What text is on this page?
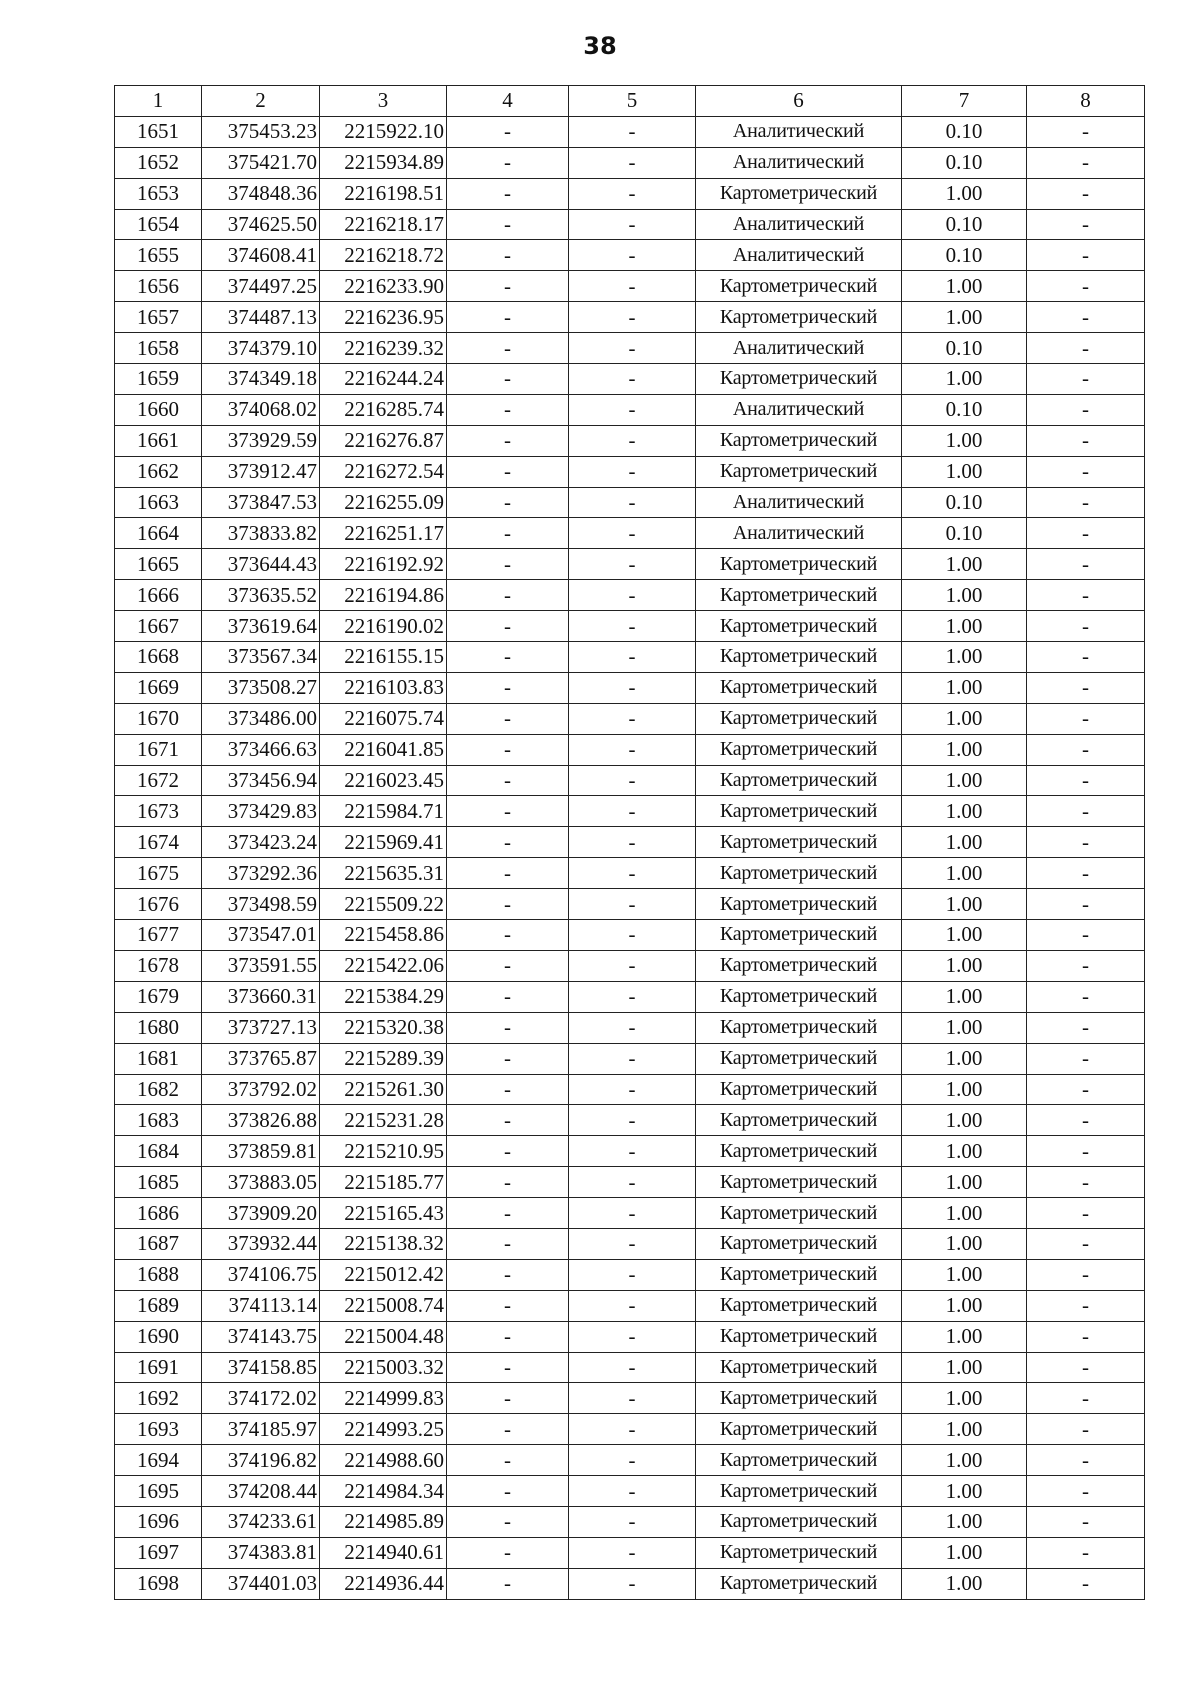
38
1	2	3	4	5	6	7	8
1651	375453.23	2215922.10	-	-	Аналитический	0.10	-
1652	375421.70	2215934.89	-	-	Аналитический	0.10	-
1653	374848.36	2216198.51	-	-	Картометрический	1.00	-
1654	374625.50	2216218.17	-	-	Аналитический	0.10	-
1655	374608.41	2216218.72	-	-	Аналитический	0.10	-
1656	374497.25	2216233.90	-	-	Картометрический	1.00	-
1657	374487.13	2216236.95	-	-	Картометрический	1.00	-
1658	374379.10	2216239.32	-	-	Аналитический	0.10	-
1659	374349.18	2216244.24	-	-	Картометрический	1.00	-
1660	374068.02	2216285.74	-	-	Аналитический	0.10	-
1661	373929.59	2216276.87	-	-	Картометрический	1.00	-
1662	373912.47	2216272.54	-	-	Картометрический	1.00	-
1663	373847.53	2216255.09	-	-	Аналитический	0.10	-
1664	373833.82	2216251.17	-	-	Аналитический	0.10	-
1665	373644.43	2216192.92	-	-	Картометрический	1.00	-
1666	373635.52	2216194.86	-	-	Картометрический	1.00	-
1667	373619.64	2216190.02	-	-	Картометрический	1.00	-
1668	373567.34	2216155.15	-	-	Картометрический	1.00	-
1669	373508.27	2216103.83	-	-	Картометрический	1.00	-
1670	373486.00	2216075.74	-	-	Картометрический	1.00	-
1671	373466.63	2216041.85	-	-	Картометрический	1.00	-
1672	373456.94	2216023.45	-	-	Картометрический	1.00	-
1673	373429.83	2215984.71	-	-	Картометрический	1.00	-
1674	373423.24	2215969.41	-	-	Картометрический	1.00	-
1675	373292.36	2215635.31	-	-	Картометрический	1.00	-
1676	373498.59	2215509.22	-	-	Картометрический	1.00	-
1677	373547.01	2215458.86	-	-	Картометрический	1.00	-
1678	373591.55	2215422.06	-	-	Картометрический	1.00	-
1679	373660.31	2215384.29	-	-	Картометрический	1.00	-
1680	373727.13	2215320.38	-	-	Картометрический	1.00	-
1681	373765.87	2215289.39	-	-	Картометрический	1.00	-
1682	373792.02	2215261.30	-	-	Картометрический	1.00	-
1683	373826.88	2215231.28	-	-	Картометрический	1.00	-
1684	373859.81	2215210.95	-	-	Картометрический	1.00	-
1685	373883.05	2215185.77	-	-	Картометрический	1.00	-
1686	373909.20	2215165.43	-	-	Картометрический	1.00	-
1687	373932.44	2215138.32	-	-	Картометрический	1.00	-
1688	374106.75	2215012.42	-	-	Картометрический	1.00	-
1689	374113.14	2215008.74	-	-	Картометрический	1.00	-
1690	374143.75	2215004.48	-	-	Картометрический	1.00	-
1691	374158.85	2215003.32	-	-	Картометрический	1.00	-
1692	374172.02	2214999.83	-	-	Картометрический	1.00	-
1693	374185.97	2214993.25	-	-	Картометрический	1.00	-
1694	374196.82	2214988.60	-	-	Картометрический	1.00	-
1695	374208.44	2214984.34	-	-	Картометрический	1.00	-
1696	374233.61	2214985.89	-	-	Картометрический	1.00	-
1697	374383.81	2214940.61	-	-	Картометрический	1.00	-
1698	374401.03	2214936.44	-	-	Картометрический	1.00	-
